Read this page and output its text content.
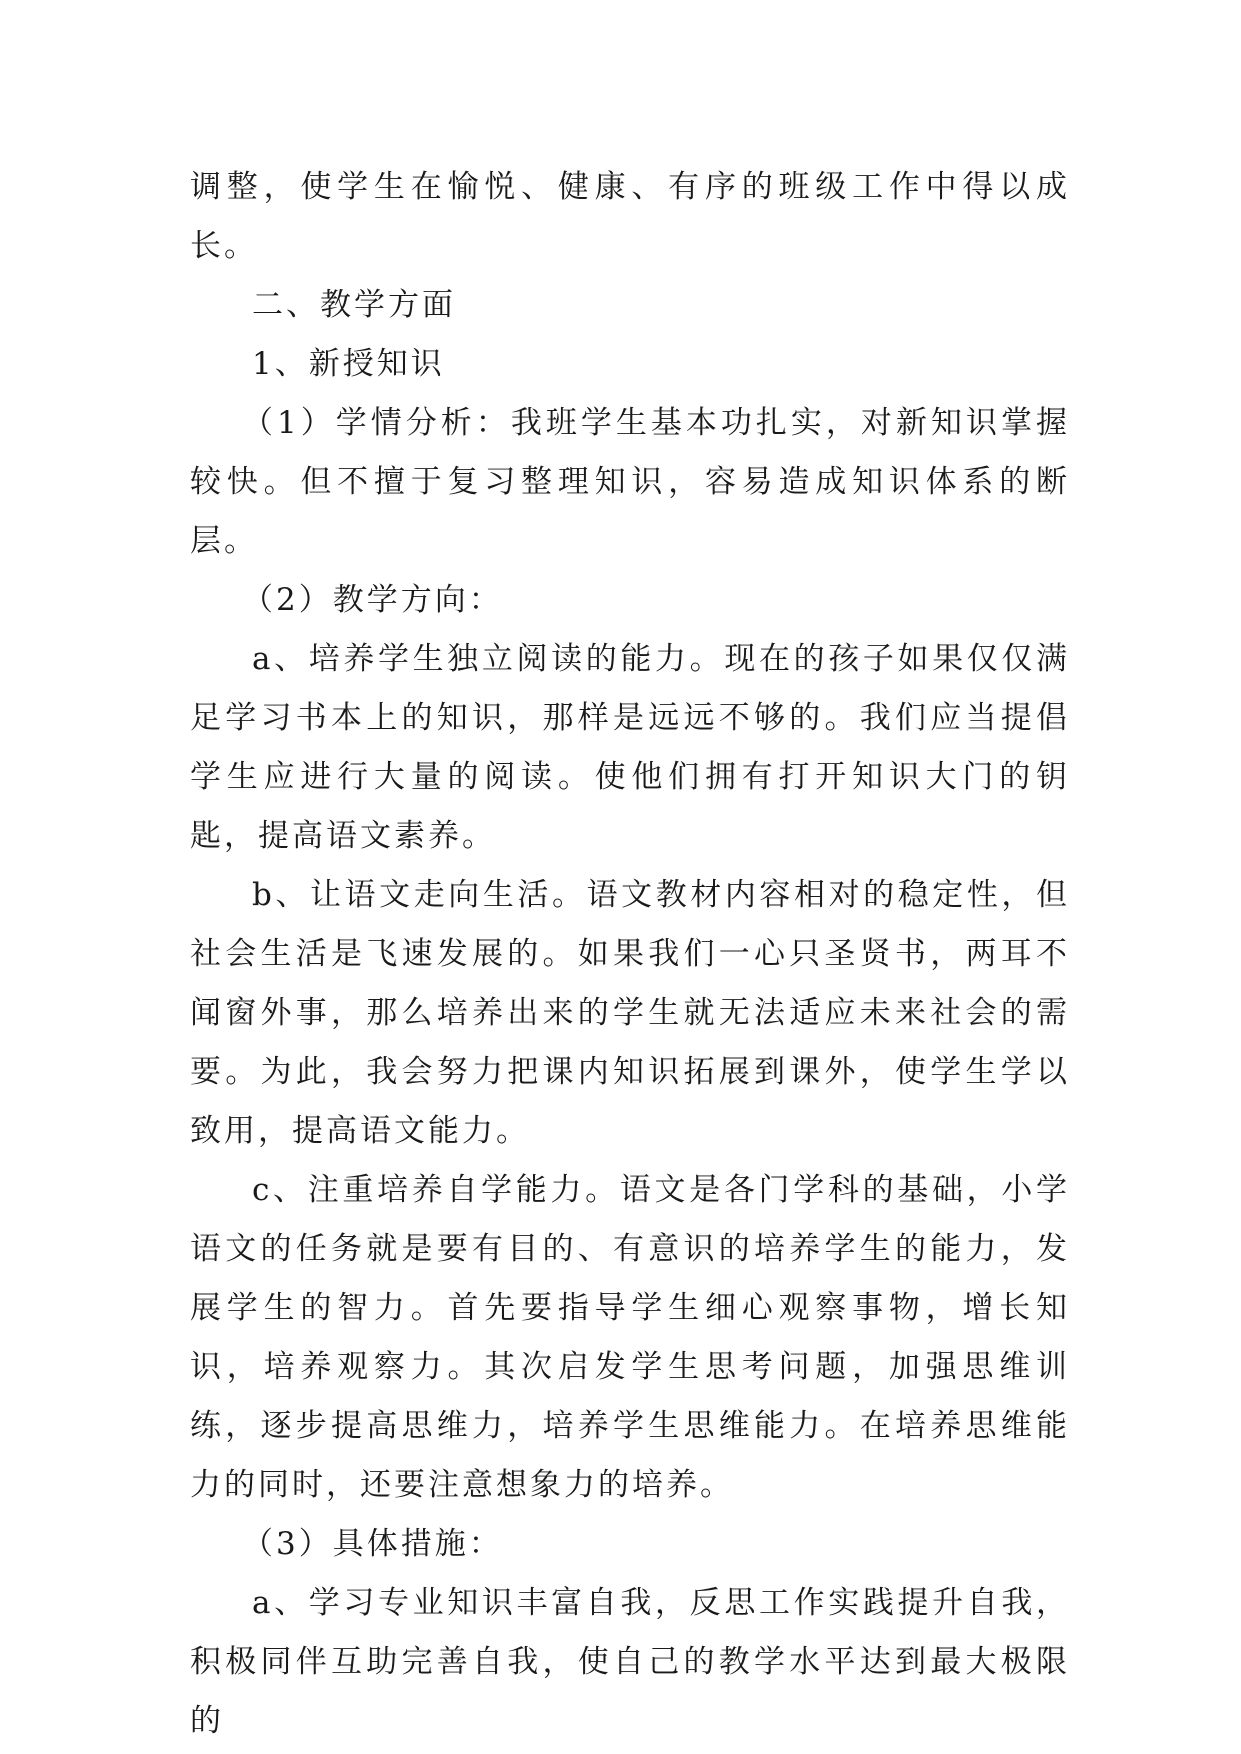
调整，使学生在愉悦、健康、有序的班级工作中得以成长。

二、教学方面

1、新授知识

（1）学情分析：我班学生基本功扎实，对新知识掌握较快。但不擅于复习整理知识，容易造成知识体系的断层。

（2）教学方向：

a、培养学生独立阅读的能力。现在的孩子如果仅仅满足学习书本上的知识，那样是远远不够的。我们应当提倡学生应进行大量的阅读。使他们拥有打开知识大门的钥匙，提高语文素养。

b、让语文走向生活。语文教材内容相对的稳定性，但社会生活是飞速发展的。如果我们一心只圣贤书，两耳不闻窗外事，那么培养出来的学生就无法适应未来社会的需要。为此，我会努力把课内知识拓展到课外，使学生学以致用，提高语文能力。

c、注重培养自学能力。语文是各门学科的基础，小学语文的任务就是要有目的、有意识的培养学生的能力，发展学生的智力。首先要指导学生细心观察事物，增长知识，培养观察力。其次启发学生思考问题，加强思维训练，逐步提高思维力，培养学生思维能力。在培养思维能力的同时，还要注意想象力的培养。

（3）具体措施：

a、学习专业知识丰富自我，反思工作实践提升自我，积极同伴互助完善自我，使自己的教学水平达到最大极限的
